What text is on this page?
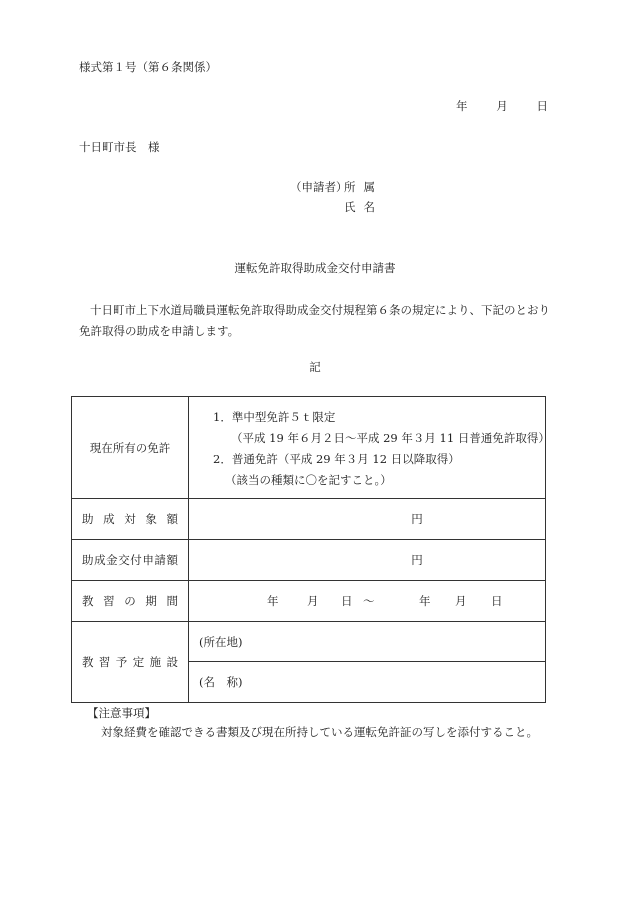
様式第１号（第６条関係）
年	月	日
十日町市長　様
（申請者）
所属
氏名
運転免許取得助成金交付申請書
十日町市上下水道局職員運転免許取得助成金交付規程第６条の規定により、下記のとおり免許取得の助成を申請します。
記
現在所有の免許	1．準中型免許５ｔ限定
（平成 19 年６月２日～平成 29 年３月 11 日普通免許取得）
2．普通免許（平成 29 年３月 12 日以降取得）
（該当の種類に〇を記すこと。）

助成対象額	円
助成金交付申請額	円
教習の期間	年 月 日 ～ 年 月 日
教習予定施設	(所在地)
	(名　称)
【注意事項】
対象経費を確認できる書類及び現在所持している運転免許証の写しを添付すること。
